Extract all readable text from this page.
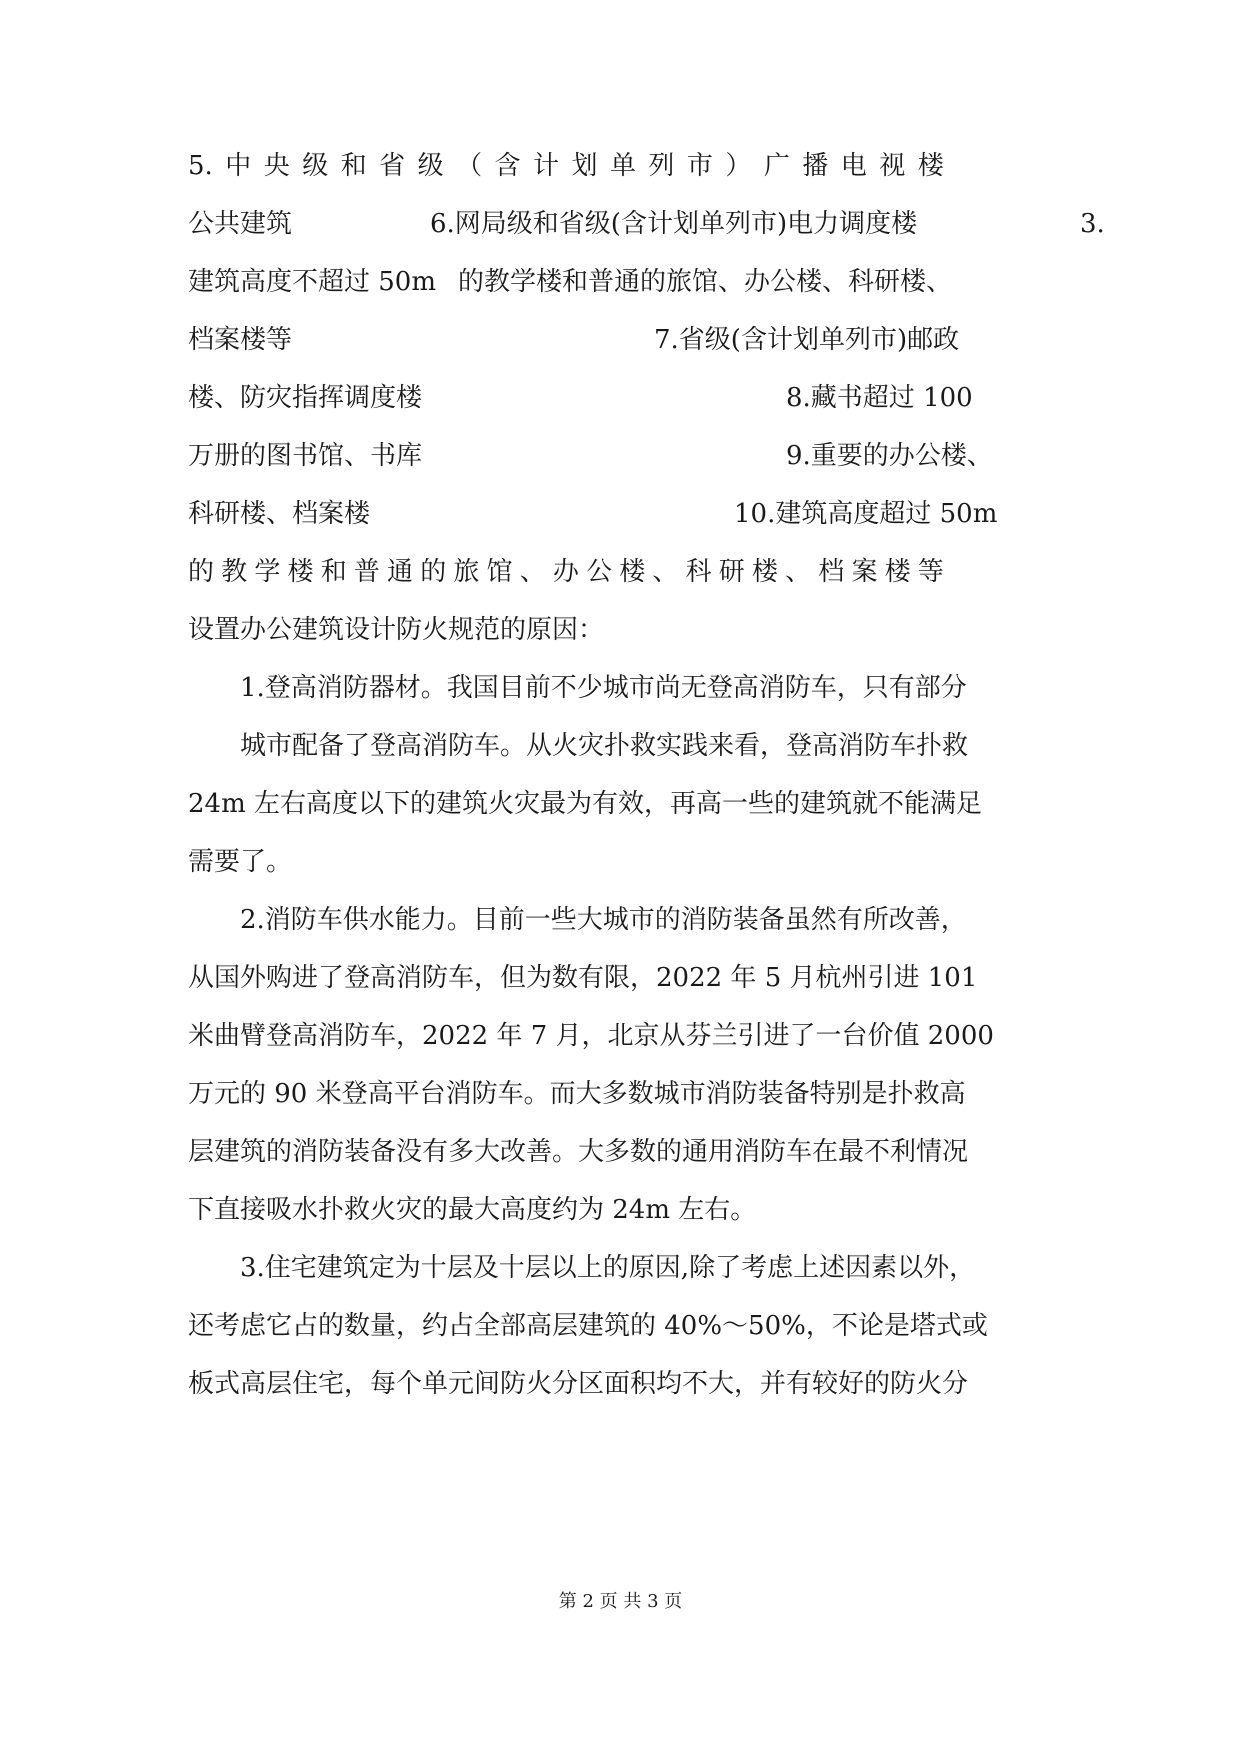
5. 中 央 级 和 省 级 （ 含 计 划 单 列 市 ） 广 播 电 视 楼
公共建筑	6.网局级和省级(含计划单列市)电力调度楼	3.
建筑高度不超过 50m 的教学楼和普通的旅馆、办公楼、科研楼、
档案楼等	7.省级(含计划单列市)邮政
楼、防灾指挥调度楼	8.藏书超过 100
万册的图书馆、书库	9.重要的办公楼、
科研楼、档案楼	10.建筑高度超过 50m
的 教 学 楼 和 普 通 的 旅 馆 、 办 公 楼 、 科 研 楼 、 档 案 楼 等
设置办公建筑设计防火规范的原因：
1.登高消防器材。我国目前不少城市尚无登高消防车，只有部分
城市配备了登高消防车。从火灾扑救实践来看，登高消防车扑救
24m 左右高度以下的建筑火灾最为有效，再高一些的建筑就不能满足
需要了。
2.消防车供水能力。目前一些大城市的消防装备虽然有所改善，
从国外购进了登高消防车，但为数有限，2022 年 5 月杭州引进 101
米曲臂登高消防车，2022 年 7 月，北京从芬兰引进了一台价值 2000
万元的 90 米登高平台消防车。而大多数城市消防装备特别是扑救高
层建筑的消防装备没有多大改善。大多数的通用消防车在最不利情况
下直接吸水扑救火灾的最大高度约为 24m 左右。
3.住宅建筑定为十层及十层以上的原因,除了考虑上述因素以外，
还考虑它占的数量，约占全部高层建筑的 40%～50%，不论是塔式或
板式高层住宅，每个单元间防火分区面积均不大，并有较好的防火分
第 2 页 共 3 页
